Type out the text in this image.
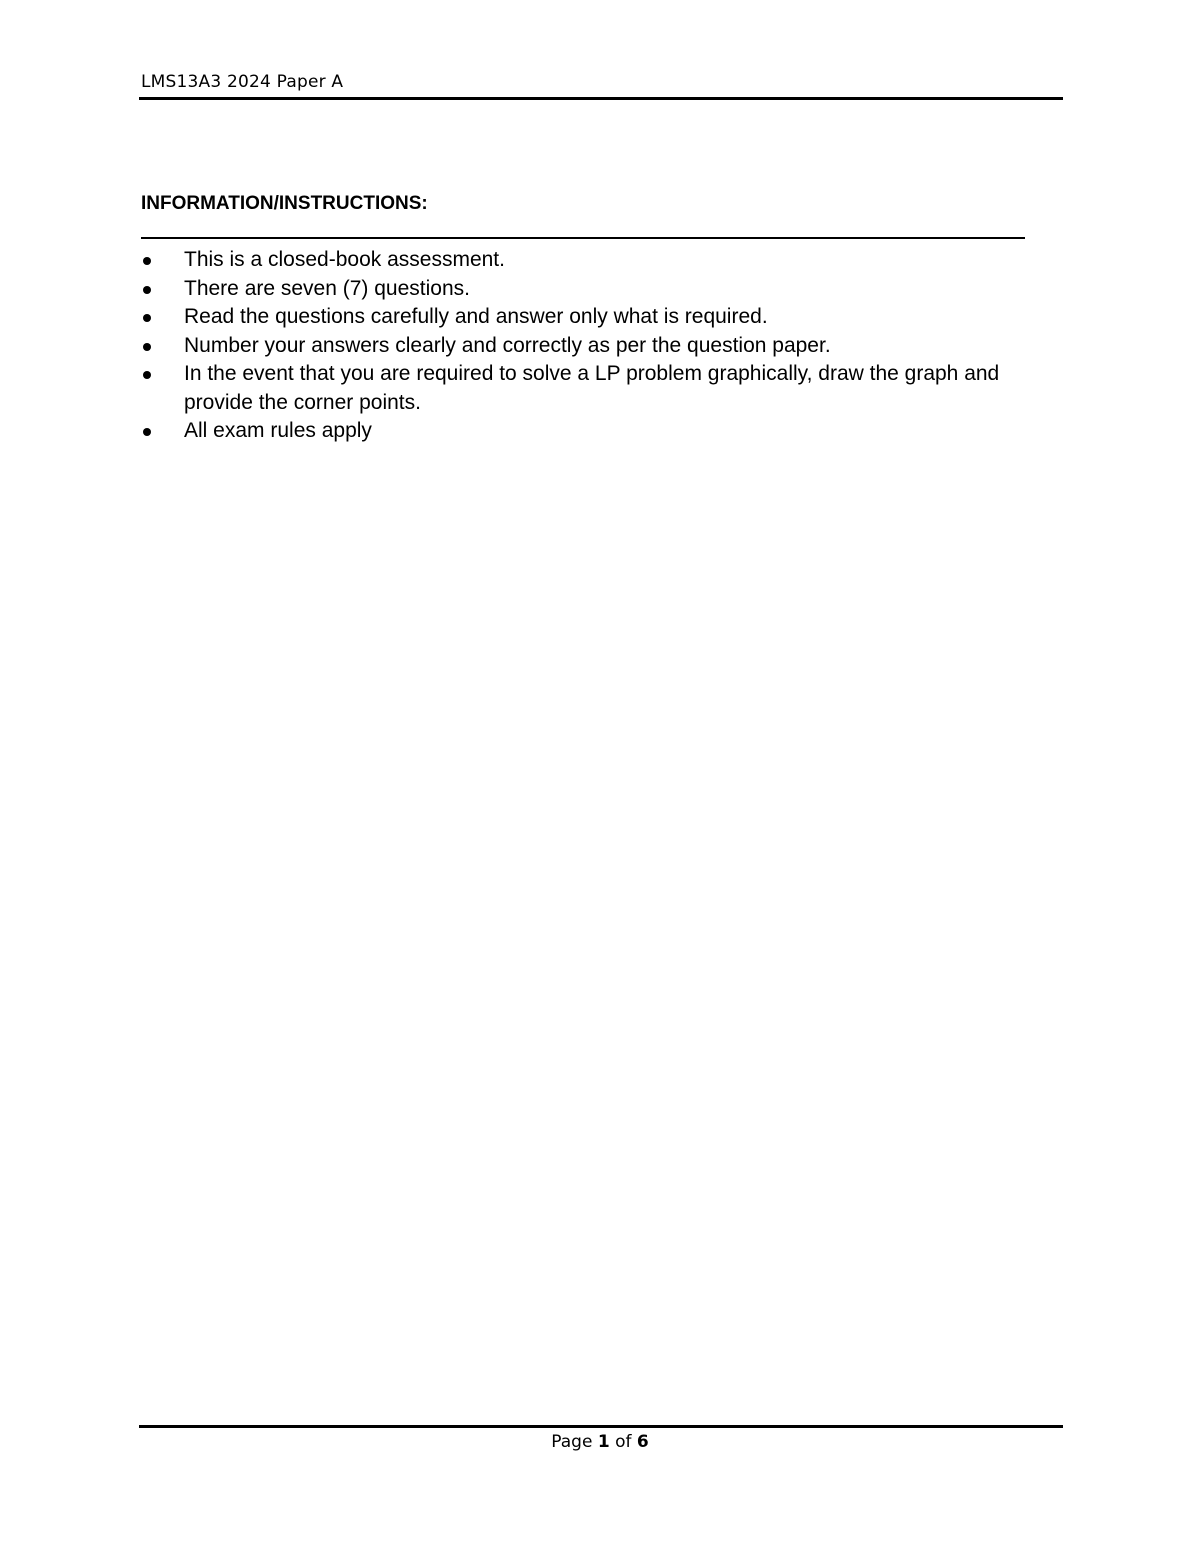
LMS13A3 2024 Paper A
INFORMATION/INSTRUCTIONS:
This is a closed-book assessment.
There are seven (7) questions.
Read the questions carefully and answer only what is required.
Number your answers clearly and correctly as per the question paper.
In the event that you are required to solve a LP problem graphically, draw the graph and provide the corner points.
All exam rules apply
Page 1 of 6
